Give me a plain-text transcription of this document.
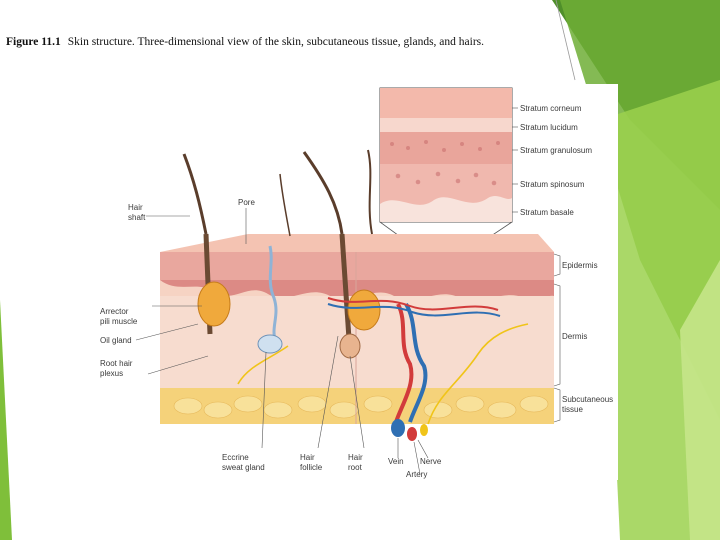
Figure 11.1 Skin structure. Three-dimensional view of the skin, subcutaneous tissue, glands, and hairs.
Stratum corneum
Stratum lucidum
Stratum granulosum
Stratum spinosum
Stratum basale
Hair shaft
Pore
Epidermis
Dermis
Subcutaneous tissue
Arrector pili muscle
Oil gland
Root hair plexus
Eccrine sweat gland
Hair follicle
Hair root
Vein Nerve
Artery
